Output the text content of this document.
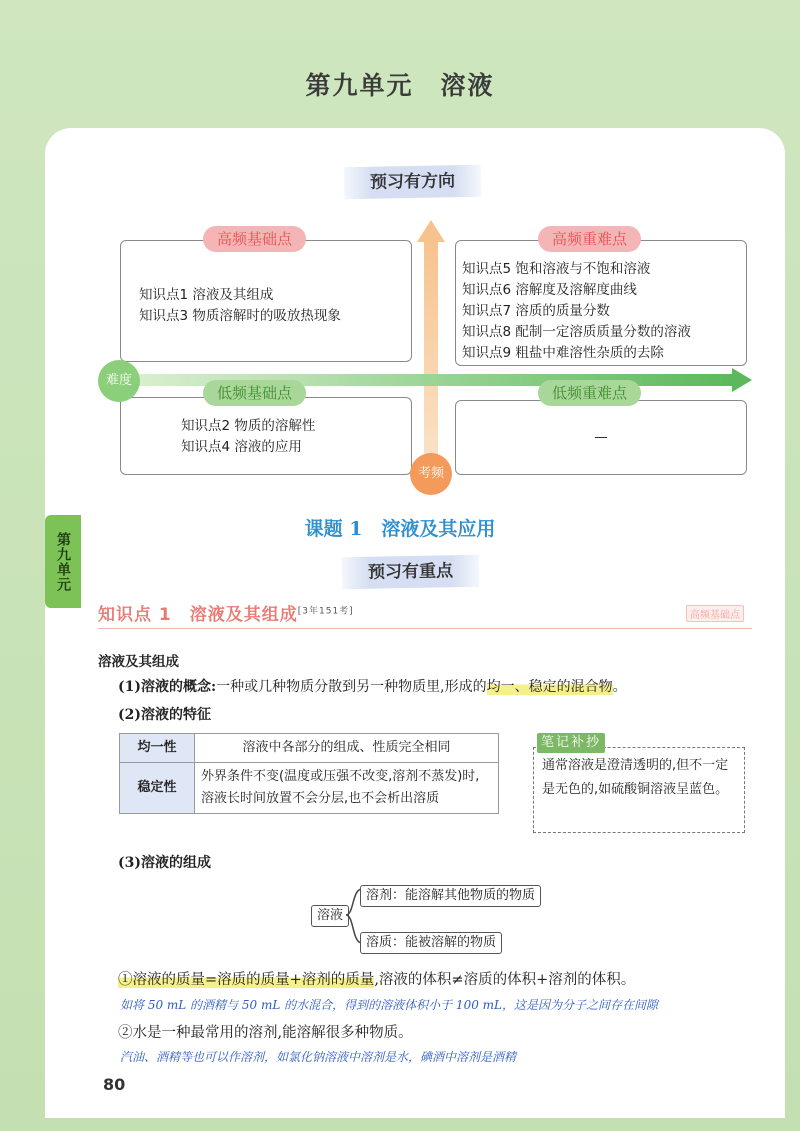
第九单元　溶液
预习有方向
知识点1 溶液及其组成
知识点3 物质溶解时的吸放热现象
高频基础点
知识点5 饱和溶液与不饱和溶液
知识点6 溶解度及溶解度曲线
知识点7 溶质的质量分数
知识点8 配制一定溶质质量分数的溶液
知识点9 粗盐中难溶性杂质的去除
高频重难点
知识点2 物质的溶解性
知识点4 溶液的应用
低频基础点
—
低频重难点
难度
考频
第九单元
课题 1　溶液及其应用
预习有重点
知识点 1　溶液及其组成[3年151考]	高频基础点
溶液及其组成
(1)溶液的概念:一种或几种物质分散到另一种物质里,形成的均一、稳定的混合物。
(2)溶液的特征
均一性	溶液中各部分的组成、性质完全相同
稳定性	外界条件不变(温度或压强不改变,溶剂不蒸发)时,溶液长时间放置不会分层,也不会析出溶质
通常溶液是澄清透明的,但不一定是无色的,如硫酸铜溶液呈蓝色。
笔记补抄
(3)溶液的组成
溶液
溶剂：能溶解其他物质的物质
溶质：能被溶解的物质
①溶液的质量=溶质的质量+溶剂的质量,溶液的体积≠溶质的体积+溶剂的体积。
如将 50 mL 的酒精与 50 mL 的水混合，得到的溶液体积小于 100 mL，这是因为分子之间存在间隙
②水是一种最常用的溶剂,能溶解很多种物质。
汽油、酒精等也可以作溶剂，如氯化钠溶液中溶剂是水，碘酒中溶剂是酒精
80
